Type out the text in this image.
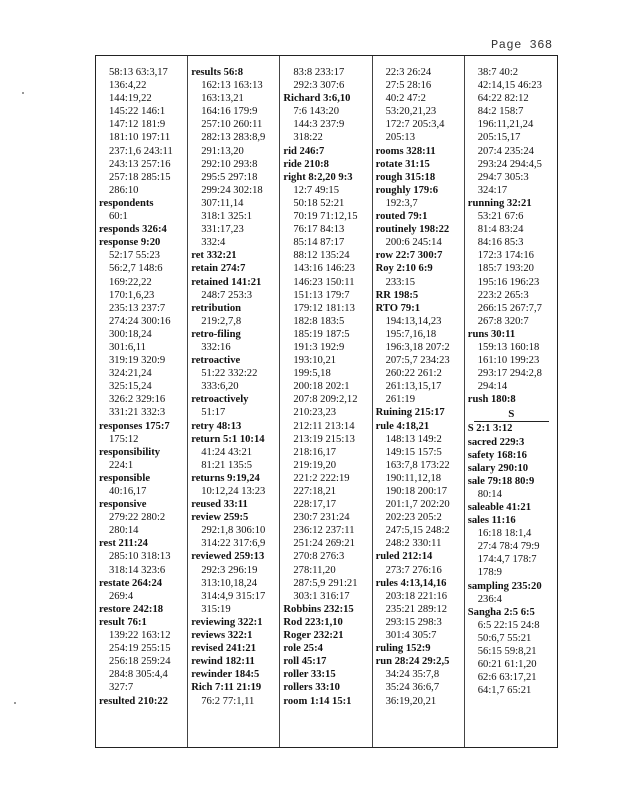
Page 368
58:13 63:3,17
136:4,22
144:19,22
145:22 146:1
147:12 181:9
181:10 197:11
237:1,6 243:11
243:13 257:16
257:18 285:15
286:10
respondents
60:1
responds 326:4
response 9:20
52:17 55:23
56:2,7 148:6
169:22,22
170:1,6,23
235:13 237:7
274:24 300:16
300:18,24
301:6,11
319:19 320:9
324:21,24
325:15,24
326:2 329:16
331:21 332:3
responses 175:7
175:12
responsibility
224:1
responsible
40:16,17
responsive
279:22 280:2
280:14
rest 211:24
285:10 318:13
318:14 323:6
restate 264:24
269:4
restore 242:18
result 76:1
139:22 163:12
254:19 255:15
256:18 259:24
284:8 305:4,4
327:7
resulted 210:22
results 56:8
162:13 163:13
163:13,21
164:16 179:9
257:10 260:11
282:13 283:8,9
291:13,20
292:10 293:8
295:5 297:18
299:24 302:18
307:11,14
318:1 325:1
331:17,23
332:4
ret 332:21
retain 274:7
retained 141:21
248:7 253:3
retribution
219:2,7,8
retro-filing
332:16
retroactive
51:22 332:22
333:6,20
retroactively
51:17
retry 48:13
return 5:1 10:14
41:24 43:21
81:21 135:5
returns 9:19,24
10:12,24 13:23
reused 33:11
review 259:5
292:1,8 306:10
314:22 317:6,9
reviewed 259:13
292:3 296:19
313:10,18,24
314:4,9 315:17
315:19
reviewing 322:1
reviews 322:1
revised 241:21
rewind 182:11
rewinder 184:5
Rich 7:11 21:19
76:2 77:1,11
83:8 233:17
292:3 307:6
Richard 3:6,10
7:6 143:20
144:3 237:9
318:22
rid 246:7
ride 210:8
right 8:2,20 9:3
12:7 49:15
50:18 52:21
70:19 71:12,15
76:17 84:13
85:14 87:17
88:12 135:24
143:16 146:23
146:23 150:11
151:13 179:7
179:12 181:13
182:8 183:5
185:19 187:5
191:3 192:9
193:10,21
199:5,18
200:18 202:1
207:8 209:2,12
210:23,23
212:11 213:14
213:19 215:13
218:16,17
219:19,20
221:2 222:19
227:18,21
228:17,17
230:7 231:24
236:12 237:11
251:24 269:21
270:8 276:3
278:11,20
287:5,9 291:21
303:1 316:17
Robbins 232:15
Rod 223:1,10
Roger 232:21
role 25:4
roll 45:17
roller 33:15
rollers 33:10
room 1:14 15:1
22:3 26:24
27:5 28:16
40:2 47:2
53:20,21,23
172:7 205:3,4
205:13
rooms 328:11
rotate 31:15
rough 315:18
roughly 179:6
192:3,7
routed 79:1
routinely 198:22
200:6 245:14
row 22:7 300:7
Roy 2:10 6:9
233:15
RR 198:5
RTO 79:1
194:13,14,23
195:7,16,18
196:3,18 207:2
207:5,7 234:23
260:22 261:2
261:13,15,17
261:19
Ruining 215:17
rule 4:18,21
148:13 149:2
149:15 157:5
163:7,8 173:22
190:11,12,18
190:18 200:17
201:1,7 202:20
202:23 205:2
247:5,15 248:2
248:2 330:11
ruled 212:14
273:7 276:16
rules 4:13,14,16
203:18 221:16
235:21 289:12
293:15 298:3
301:4 305:7
ruling 152:9
run 28:24 29:2,5
34:24 35:7,8
35:24 36:6,7
36:19,20,21
38:7 40:2
42:14,15 46:23
64:22 82:12
84:2 158:7
196:11,21,24
205:15,17
207:4 235:24
293:24 294:4,5
294:7 305:3
324:17
running 32:21
53:21 67:6
81:4 83:24
84:16 85:3
172:3 174:16
185:7 193:20
195:16 196:23
223:2 265:3
266:15 267:7,7
267:8 320:7
runs 30:11
159:13 160:18
161:10 199:23
293:17 294:2,8
294:14
rush 180:8
S
S 2:1 3:12
sacred 229:3
safety 168:16
salary 290:10
sale 79:18 80:9
80:14
saleable 41:21
sales 11:16
16:18 18:1,4
27:4 78:4 79:9
174:4,7 178:7
178:9
sampling 235:20
236:4
Sangha 2:5 6:5
6:5 22:15 24:8
50:6,7 55:21
56:15 59:8,21
60:21 61:1,20
62:6 63:17,21
64:1,7 65:21
